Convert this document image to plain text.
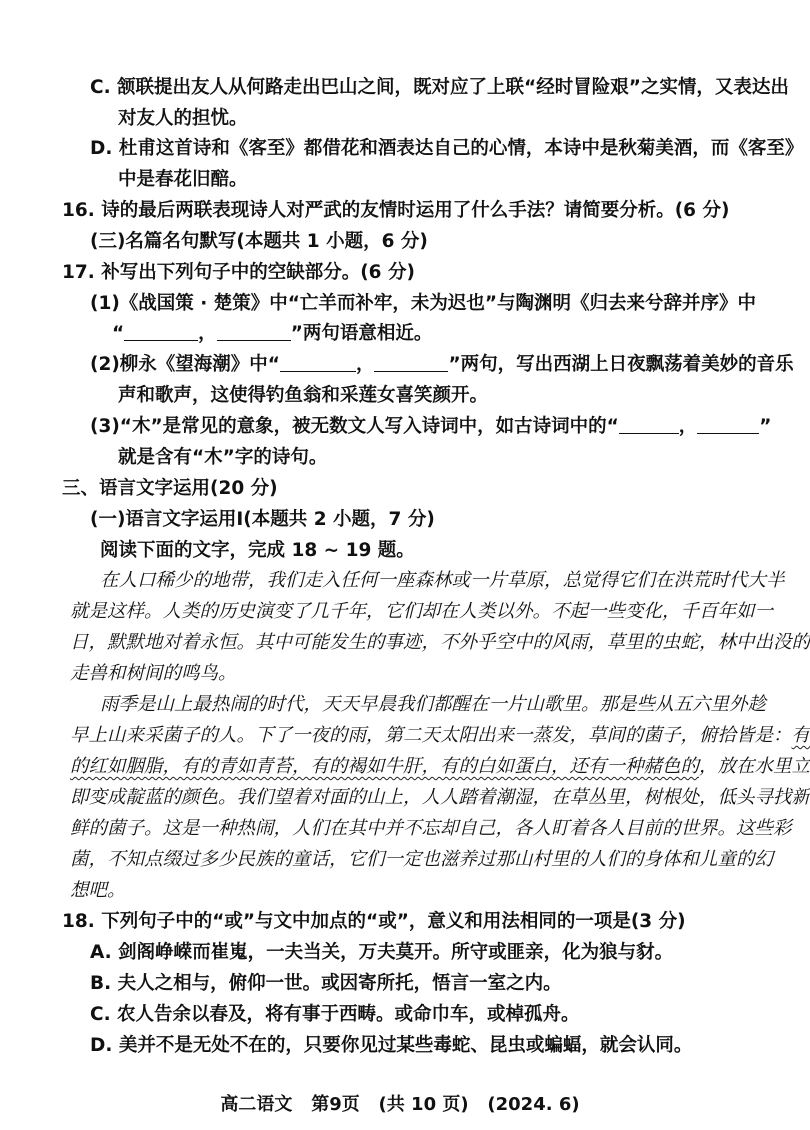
C. 颔联提出友人从何路走出巴山之间，既对应了上联“经时冒险艰”之实情，又表达出
对友人的担忧。
D. 杜甫这首诗和《客至》都借花和酒表达自己的心情，本诗中是秋菊美酒，而《客至》
中是春花旧醅。
16. 诗的最后两联表现诗人对严武的友情时运用了什么手法？请简要分析。(6 分)
(三)名篇名句默写(本题共 1 小题，6 分)
17. 补写出下列句子中的空缺部分。(6 分)
(1)《战国策 · 楚策》中“亡羊而补牢，未为迟也”与陶渊明《归去来兮辞并序》中
“	，	”两句语意相近。
(2)柳永《望海潮》中“	，	”两句，写出西湖上日夜飘荡着美妙的音乐
声和歌声，这使得钓鱼翁和采莲女喜笑颜开。
(3)“木”是常见的意象，被无数文人写入诗词中，如古诗词中的“	，	”
就是含有“木”字的诗句。
三、语言文字运用(20 分)
(一)语言文字运用Ⅰ(本题共 2 小题，7 分)
阅读下面的文字，完成 18 ~ 19 题。
在人口稀少的地带，我们走入任何一座森林或一片草原，总觉得它们在洪荒时代大半
就是这样。人类的历史演变了几千年，它们却在人类以外。不起一些变化，千百年如一
日，默默地对着永恒。其中可能发生的事迹，不外乎空中的风雨，草里的虫蛇，林中出没的
走兽和树间的鸣鸟。
雨季是山上最热闹的时代，天天早晨我们都醒在一片山歌里。那是些从五六里外趁
早上山来采菌子的人。下了一夜的雨，第二天太阳出来一蒸发，草间的菌子，俯拾皆是：有
的红如胭脂，有的青如青苔，有的褐如牛肝，有的白如蛋白，还有一种赭色的，放在水里立
即变成靛蓝的颜色。我们望着对面的山上，人人踏着潮湿，在草丛里，树根处，低头寻找新
鲜的菌子。这是一种热闹，人们在其中并不忘却自己，各人盯着各人目前的世界。这些彩
菌，不知点缀过多少民族的童话，它们一定也滋养过那山村里的人们的身体和儿童的幻
想吧。
18. 下列句子中的“或”与文中加点的“或”，意义和用法相同的一项是(3 分)
A. 剑阁峥嵘而崔嵬，一夫当关，万夫莫开。所守或匪亲，化为狼与豺。
B. 夫人之相与，俯仰一世。或因寄所托，悟言一室之内。
C. 农人告余以春及，将有事于西畴。或命巾车，或棹孤舟。
D. 美并不是无处不在的，只要你见过某些毒蛇、昆虫或蝙蝠，就会认同。
高二语文 第9页 (共 10 页) (2024. 6)
